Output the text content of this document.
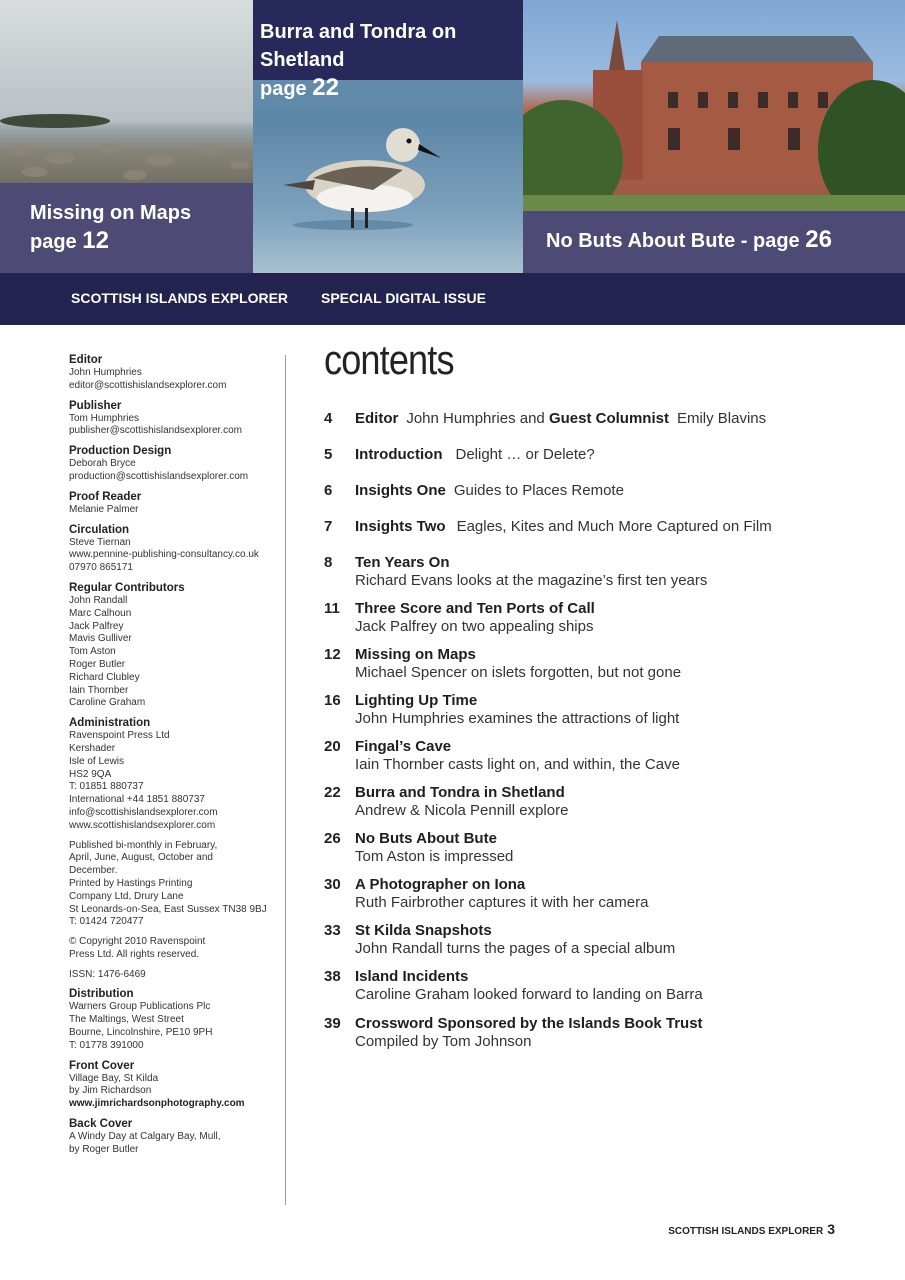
Missing on Maps
page 12
Burra and Tondra on Shetland
page 22
No Buts About Bute - page 26
SCOTTISH ISLANDS EXPLORER SPECIAL DIGITAL ISSUE
Editor
John Humphries
editor@scottishislandsexplorer.com
Publisher
Tom Humphries
publisher@scottishislandsexplorer.com
Production Design
Deborah Bryce
production@scottishislandsexplorer.com
Proof Reader
Melanie Palmer
Circulation
Steve Tiernan
www.pennine-publishing-consultancy.co.uk
07970 865171
Regular Contributors
John Randall
Marc Calhoun
Jack Palfrey
Mavis Gulliver
Tom Aston
Roger Butler
Richard Clubley
Iain Thornber
Caroline Graham
Administration
Ravenspoint Press Ltd
Kershader
Isle of Lewis
HS2 9QA
T: 01851 880737
International +44 1851 880737
info@scottishislandsexplorer.com
www.scottishislandsexplorer.com
Published bi-monthly in February,
April, June, August, October and
December.
Printed by Hastings Printing
Company Ltd, Drury Lane
St Leonards-on-Sea, East Sussex TN38 9BJ
T: 01424 720477
© Copyright 2010 Ravenspoint
Press Ltd. All rights reserved.
ISSN: 1476-6469
Distribution
Warners Group Publications Plc
The Maltings, West Street
Bourne, Lincolnshire, PE10 9PH
T: 01778 391000
Front Cover
Village Bay, St Kilda
by Jim Richardson
www.jimrichardsonphotography.com
Back Cover
A Windy Day at Calgary Bay, Mull,
by Roger Butler
contents
4	Editor John Humphries and Guest Columnist Emily Blavins
5	Introduction Delight … or Delete?
6	Insights One Guides to Places Remote
7	Insights Two Eagles, Kites and Much More Captured on Film
8	Ten Years On
Richard Evans looks at the magazine’s first ten years
11	Three Score and Ten Ports of Call
Jack Palfrey on two appealing ships
12 Missing on Maps
Michael Spencer on islets forgotten, but not gone
16 Lighting Up Time
John Humphries examines the attractions of light
20 Fingal’s Cave
Iain Thornber casts light on, and within, the Cave
22 Burra and Tondra in Shetland
Andrew & Nicola Pennill explore
26 No Buts About Bute
Tom Aston is impressed
30 A Photographer on Iona
Ruth Fairbrother captures it with her camera
33 St Kilda Snapshots
John Randall turns the pages of a special album
38 Island Incidents
Caroline Graham looked forward to landing on Barra
39 Crossword Sponsored by the Islands Book Trust
Compiled by Tom Johnson
SCOTTISH ISLANDS EXPLORER 3
